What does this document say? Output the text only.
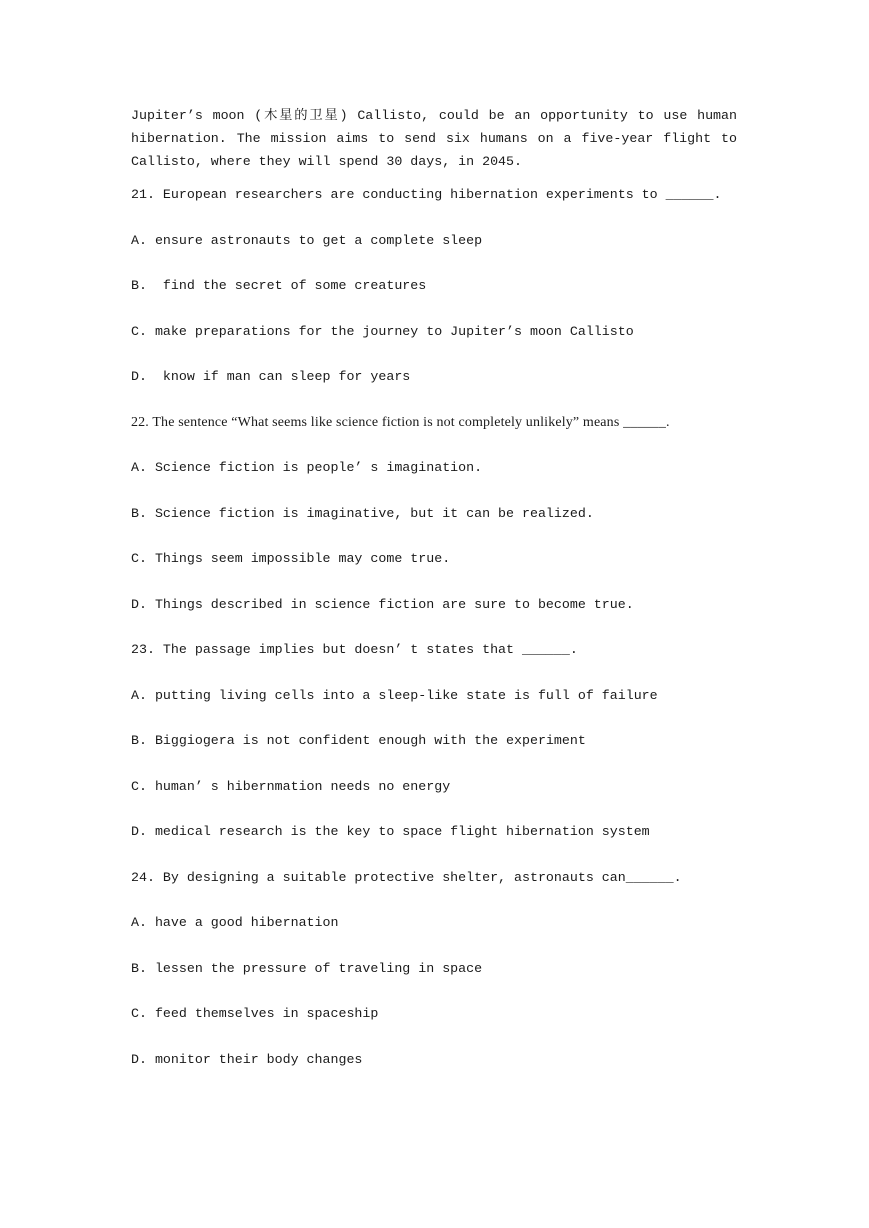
Jupiter’s moon (木星的卫星) Callisto, could be an opportunity to use human hibernation. The mission aims to send six humans on a five-year flight to Callisto, where they will spend 30 days, in 2045.

21. European researchers are conducting hibernation experiments to ______.

A. ensure astronauts to get a complete sleep

B.  find the secret of some creatures

C. make preparations for the journey to Jupiter’s moon Callisto

D.  know if man can sleep for years

22. The sentence “What seems like science fiction is not completely unlikely” means ______.

A. Science fiction is people’ s imagination.

B. Science fiction is imaginative, but it can be realized.

C. Things seem impossible may come true.

D. Things described in science fiction are sure to become true.

23. The passage implies but doesn’ t states that ______.

A. putting living cells into a sleep-like state is full of failure

B. Biggiogera is not confident enough with the experiment

C. human’ s hibernmation needs no energy

D. medical research is the key to space flight hibernation system

24. By designing a suitable protective shelter, astronauts can______.

A. have a good hibernation

B. lessen the pressure of traveling in space

C. feed themselves in spaceship

D. monitor their body changes
